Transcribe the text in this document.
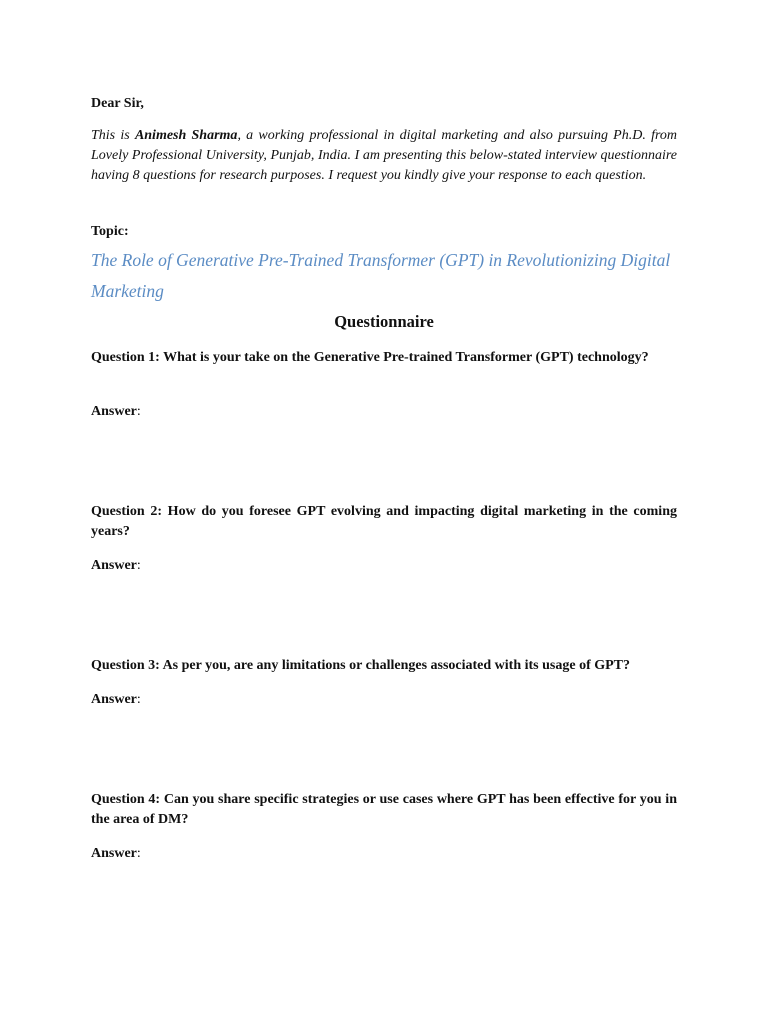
Dear Sir,

This is Animesh Sharma, a working professional in digital marketing and also pursuing Ph.D. from Lovely Professional University, Punjab, India. I am presenting this below-stated interview questionnaire having 8 questions for research purposes. I request you kindly give your response to each question.

Topic:

The Role of Generative Pre-Trained Transformer (GPT) in Revolutionizing Digital Marketing

Questionnaire

Question 1: What is your take on the Generative Pre-trained Transformer (GPT) technology?

Answer:

Question 2: How do you foresee GPT evolving and impacting digital marketing in the coming years?

Answer:

Question 3: As per you, are any limitations or challenges associated with its usage of GPT?

Answer:

Question 4: Can you share specific strategies or use cases where GPT has been effective for you in the area of DM?

Answer:
